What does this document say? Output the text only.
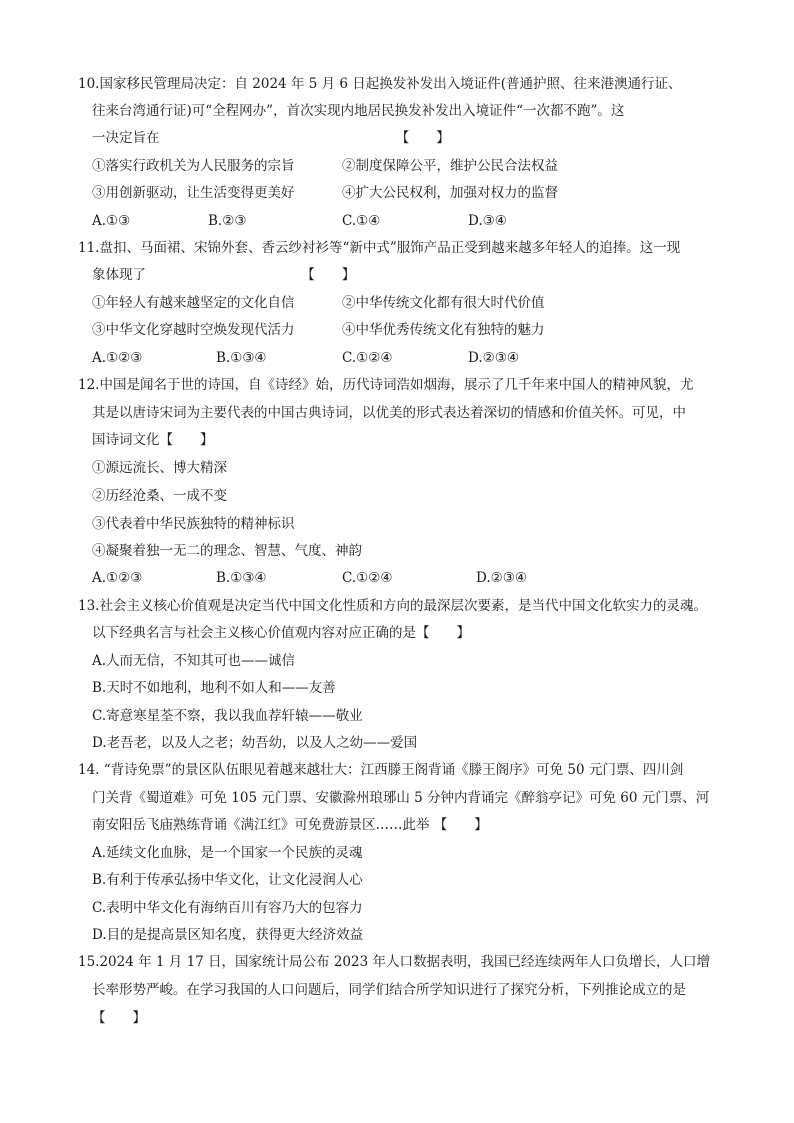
10.国家移民管理局决定：自 2024 年 5 月 6 日起换发补发出入境证件(普通护照、往来港澳通行证、
往来台湾通行证)可“全程网办”，首次实现内地居民换发补发出入境证件“一次都不跑”。这
一决定旨在　　　　　　　　　　　　　　　　　　【　　】
①落实行政机关为人民服务的宗旨	②制度保障公平，维护公民合法权益
③用创新驱动，让生活变得更美好	④扩大公民权利，加强对权力的监督
A.①③	B.②③	C.①④	D.③④
11.盘扣、马面裙、宋锦外套、香云纱衬衫等“新中式”服饰产品正受到越来越多年轻人的追捧。这一现
象体现了　　　　　　　　　　　　【　　】
①年轻人有越来越坚定的文化自信	②中华传统文化都有很大时代价值
③中华文化穿越时空焕发现代活力	④中华优秀传统文化有独特的魅力
A.①②③	B.①③④	C.①②④	D.②③④
12.中国是闻名于世的诗国，自《诗经》始，历代诗词浩如烟海，展示了几千年来中国人的精神风貌，尤
其是以唐诗宋词为主要代表的中国古典诗词，以优美的形式表达着深切的情感和价值关怀。可见，中
国诗词文化【　　】
①源远流长、博大精深
②历经沧桑、一成不变
③代表着中华民族独特的精神标识
④凝聚着独一无二的理念、智慧、气度、神韵
A.①②③	B.①③④	C.①②④	D.②③④
13.社会主义核心价值观是决定当代中国文化性质和方向的最深层次要素，是当代中国文化软实力的灵魂。
以下经典名言与社会主义核心价值观内容对应正确的是【　　】
A.人而无信，不知其可也——诚信
B.天时不如地利，地利不如人和——友善
C.寄意寒星荃不察，我以我血荐轩辕——敬业
D.老吾老，以及人之老；幼吾幼，以及人之幼——爱国
14. “背诗免票”的景区队伍眼见着越来越壮大：江西滕王阁背诵《滕王阁序》可免 50 元门票、四川剑
门关背《蜀道难》可免 105 元门票、安徽滁州琅琊山 5 分钟内背诵完《醉翁亭记》可免 60 元门票、河
南安阳岳飞庙熟练背诵《满江红》可免费游景区……此举 【　　】
A.延续文化血脉，是一个国家一个民族的灵魂
B.有利于传承弘扬中华文化，让文化浸润人心
C.表明中华文化有海纳百川有容乃大的包容力
D.目的是提高景区知名度，获得更大经济效益
15.2024 年 1 月 17 日，国家统计局公布 2023 年人口数据表明，我国已经连续两年人口负增长，人口增
长率形势严峻。在学习我国的人口问题后，同学们结合所学知识进行了探究分析，下列推论成立的是
【　　】
